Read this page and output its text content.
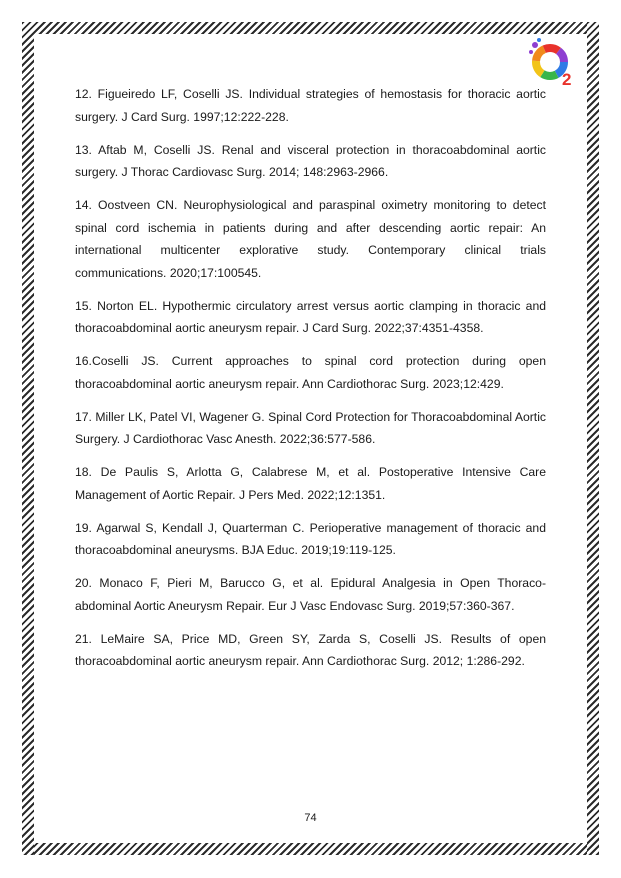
2

12. Figueiredo LF, Coselli JS. Individual strategies of hemostasis for thoracic aortic surgery. J Card Surg. 1997;12:222-228.

13. Aftab M, Coselli JS. Renal and visceral protection in thoracoabdominal aortic surgery. J Thorac Cardiovasc Surg. 2014; 148:2963-2966.

14. Oostveen CN. Neurophysiological and paraspinal oximetry monitoring to detect spinal cord ischemia in patients during and after descending aortic repair: An international multicenter explorative study. Contemporary clinical trials communications. 2020;17:100545.

15. Norton EL. Hypothermic circulatory arrest versus aortic clamping in thoracic and thoracoabdominal aortic aneurysm repair. J Card Surg. 2022;37:4351-4358.

16.Coselli JS. Current approaches to spinal cord protection during open thoracoabdominal aortic aneurysm repair. Ann Cardiothorac Surg. 2023;12:429.

17. Miller LK, Patel VI, Wagener G. Spinal Cord Protection for Thoracoabdominal Aortic Surgery. J Cardiothorac Vasc Anesth. 2022;36:577-586.

18. De Paulis S, Arlotta G, Calabrese M, et al. Postoperative Intensive Care Management of Aortic Repair. J Pers Med. 2022;12:1351.

19. Agarwal S, Kendall J, Quarterman C. Perioperative management of thoracic and thoracoabdominal aneurysms. BJA Educ. 2019;19:119-125.

20. Monaco F, Pieri M, Barucco G, et al. Epidural Analgesia in Open Thoraco-abdominal Aortic Aneurysm Repair. Eur J Vasc Endovasc Surg. 2019;57:360-367.

21. LeMaire SA, Price MD, Green SY, Zarda S, Coselli JS. Results of open thoracoabdominal aortic aneurysm repair. Ann Cardiothorac Surg. 2012; 1:286-292.

74
